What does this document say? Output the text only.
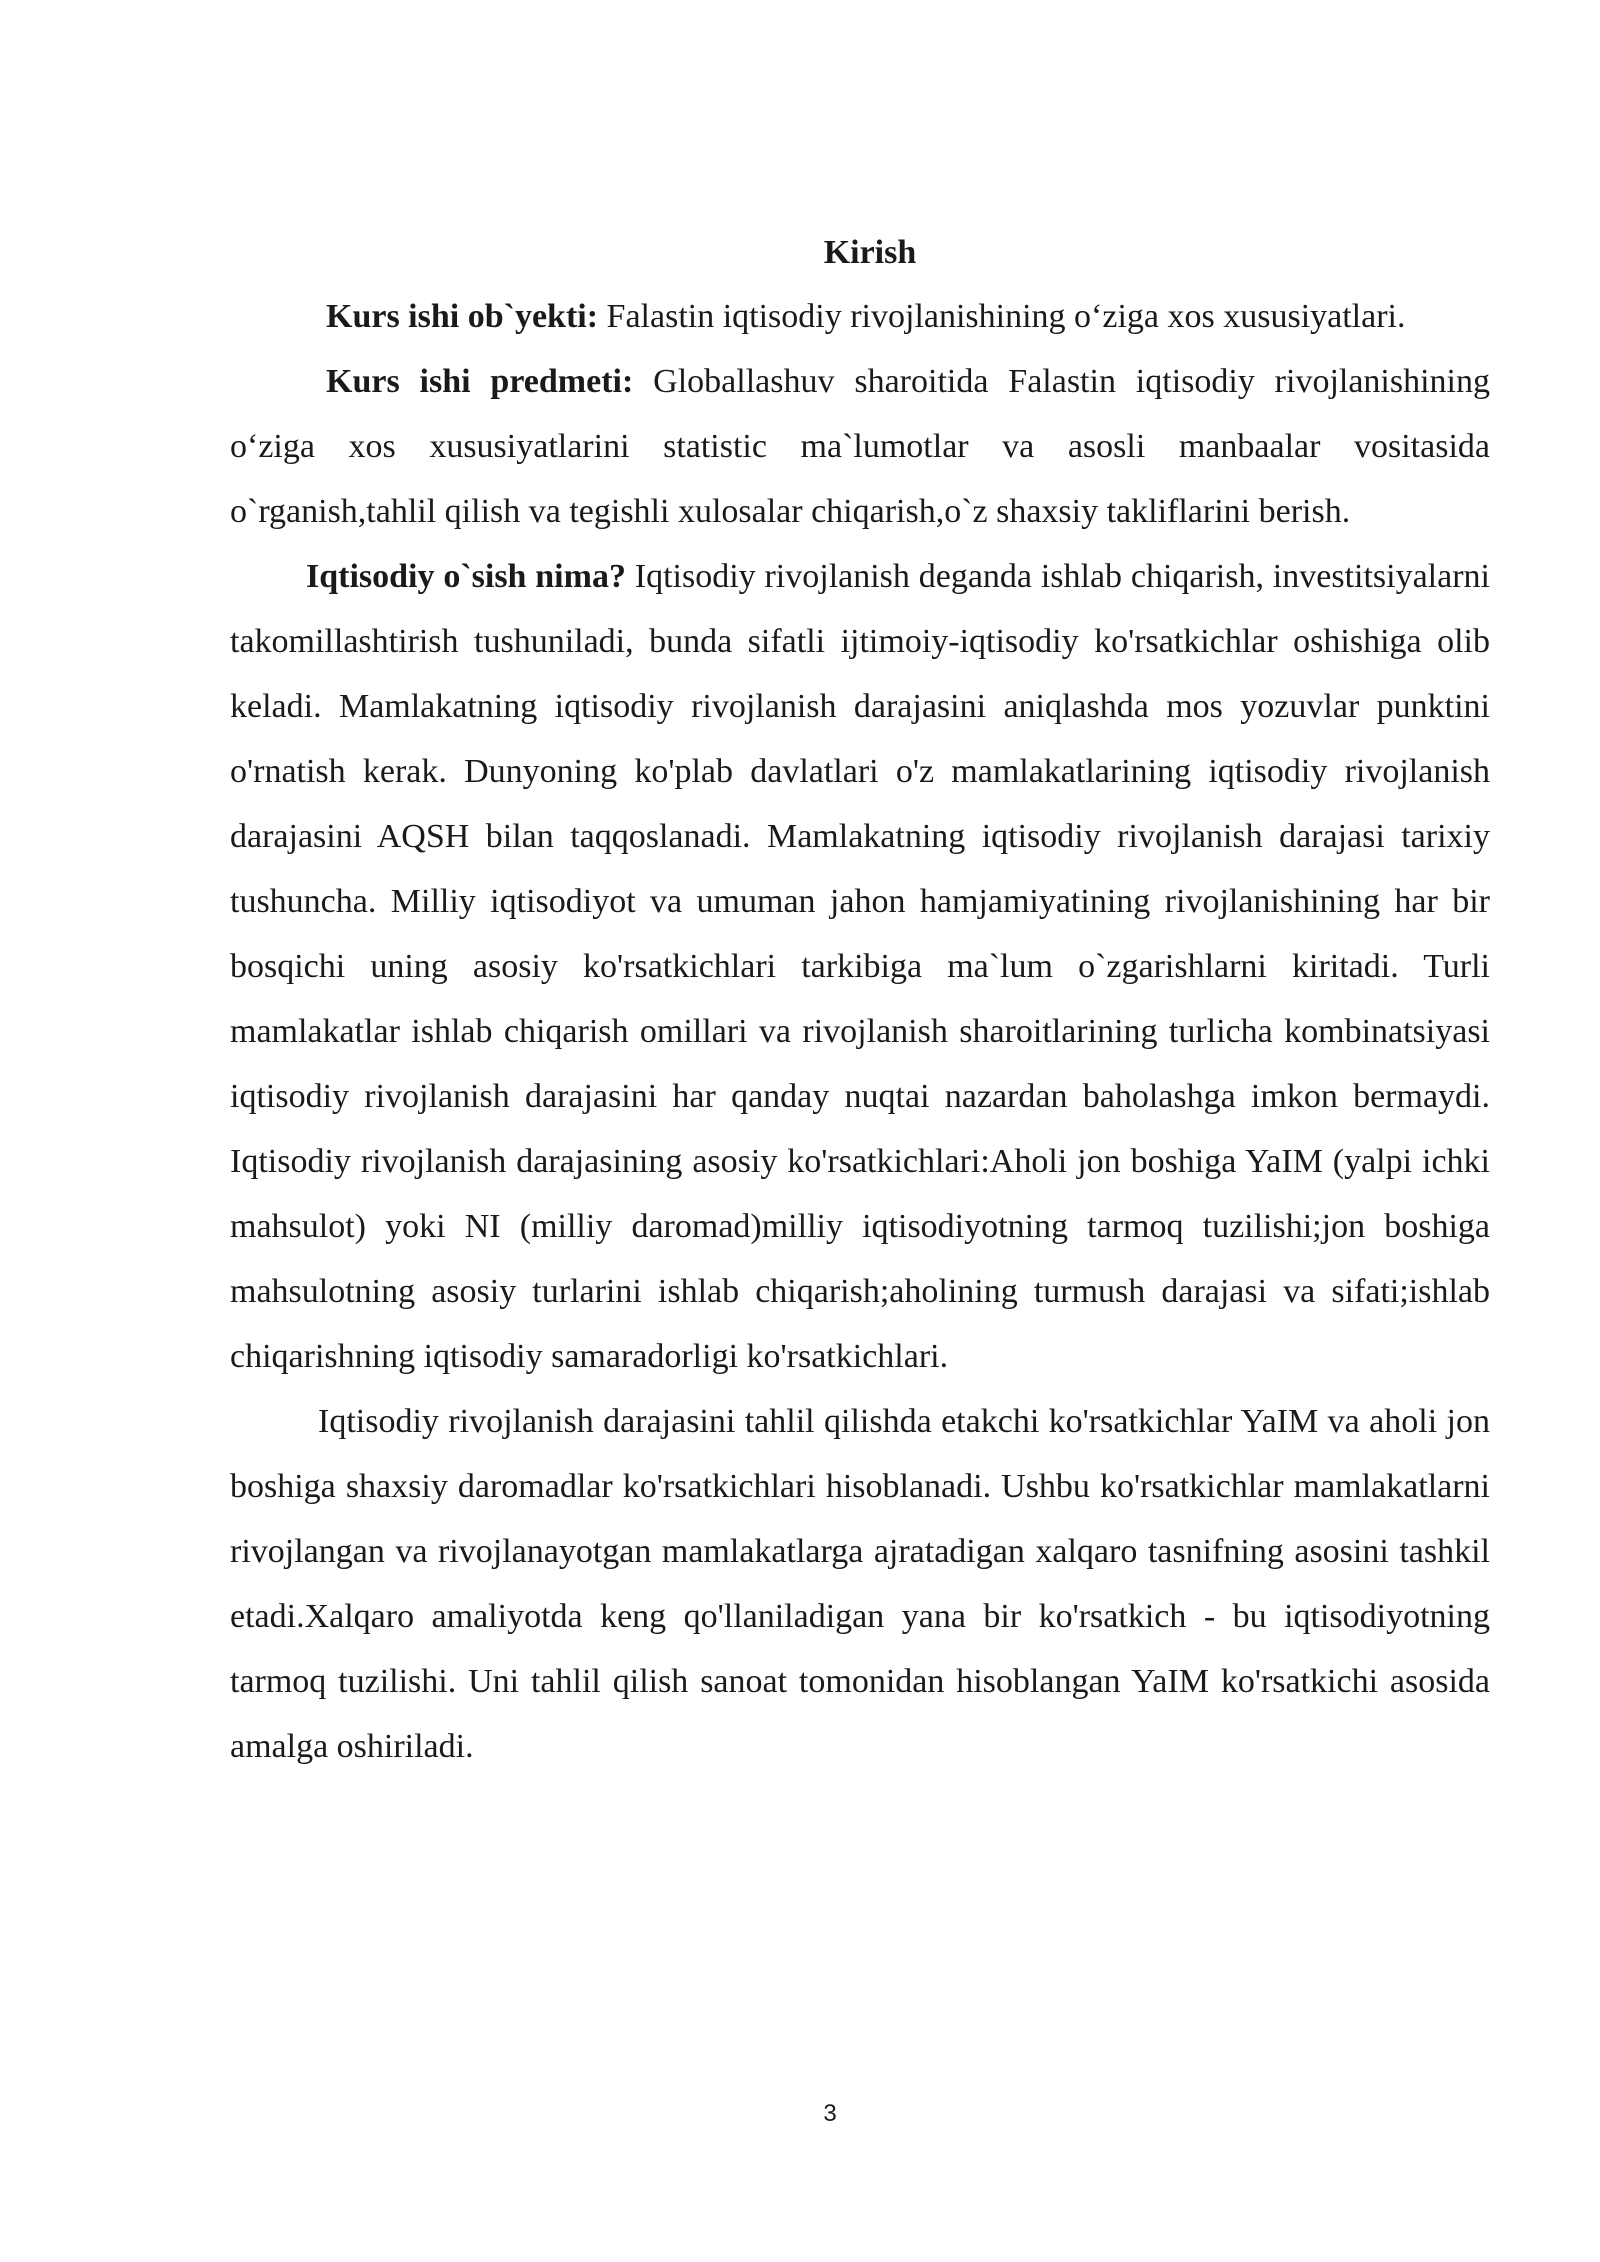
Kirish

Kurs ishi ob`yekti: Falastin iqtisodiy rivojlanishining o‘ziga xos xususiyatlari.

Kurs ishi predmeti: Globallashuv sharoitida Falastin iqtisodiy rivojlanishining o‘ziga xos xususiyatlarini statistic ma`lumotlar va asosli manbaalar vositasida o`rganish,tahlil qilish va tegishli xulosalar chiqarish,o`z shaxsiy takliflarini berish.

Iqtisodiy o`sish nima? Iqtisodiy rivojlanish deganda ishlab chiqarish, investitsiyalarni takomillashtirish tushuniladi, bunda sifatli ijtimoiy-iqtisodiy ko'rsatkichlar oshishiga olib keladi. Mamlakatning iqtisodiy rivojlanish darajasini aniqlashda mos yozuvlar punktini o'rnatish kerak. Dunyoning ko'plab davlatlari o'z mamlakatlarining iqtisodiy rivojlanish darajasini AQSH bilan taqqoslanadi. Mamlakatning iqtisodiy rivojlanish darajasi tarixiy tushuncha. Milliy iqtisodiyot va umuman jahon hamjamiyatining rivojlanishining har bir bosqichi uning asosiy ko'rsatkichlari tarkibiga ma`lum o`zgarishlarni kiritadi. Turli mamlakatlar ishlab chiqarish omillari va rivojlanish sharoitlarining turlicha kombinatsiyasi iqtisodiy rivojlanish darajasini har qanday nuqtai nazardan baholashga imkon bermaydi. Iqtisodiy rivojlanish darajasining asosiy ko'rsatkichlari:Aholi jon boshiga YaIM (yalpi ichki mahsulot) yoki NI (milliy daromad)milliy iqtisodiyotning tarmoq tuzilishi;jon boshiga mahsulotning asosiy turlarini ishlab chiqarish;aholining turmush darajasi va sifati;ishlab chiqarishning iqtisodiy samaradorligi ko'rsatkichlari.

Iqtisodiy rivojlanish darajasini tahlil qilishda etakchi ko'rsatkichlar YaIM va aholi jon boshiga shaxsiy daromadlar ko'rsatkichlari hisoblanadi. Ushbu ko'rsatkichlar mamlakatlarni rivojlangan va rivojlanayotgan mamlakatlarga ajratadigan xalqaro tasnifning asosini tashkil etadi.Xalqaro amaliyotda keng qo'llaniladigan yana bir ko'rsatkich - bu iqtisodiyotning tarmoq tuzilishi. Uni tahlil qilish sanoat tomonidan hisoblangan YaIM ko'rsatkichi asosida amalga oshiriladi.

3
